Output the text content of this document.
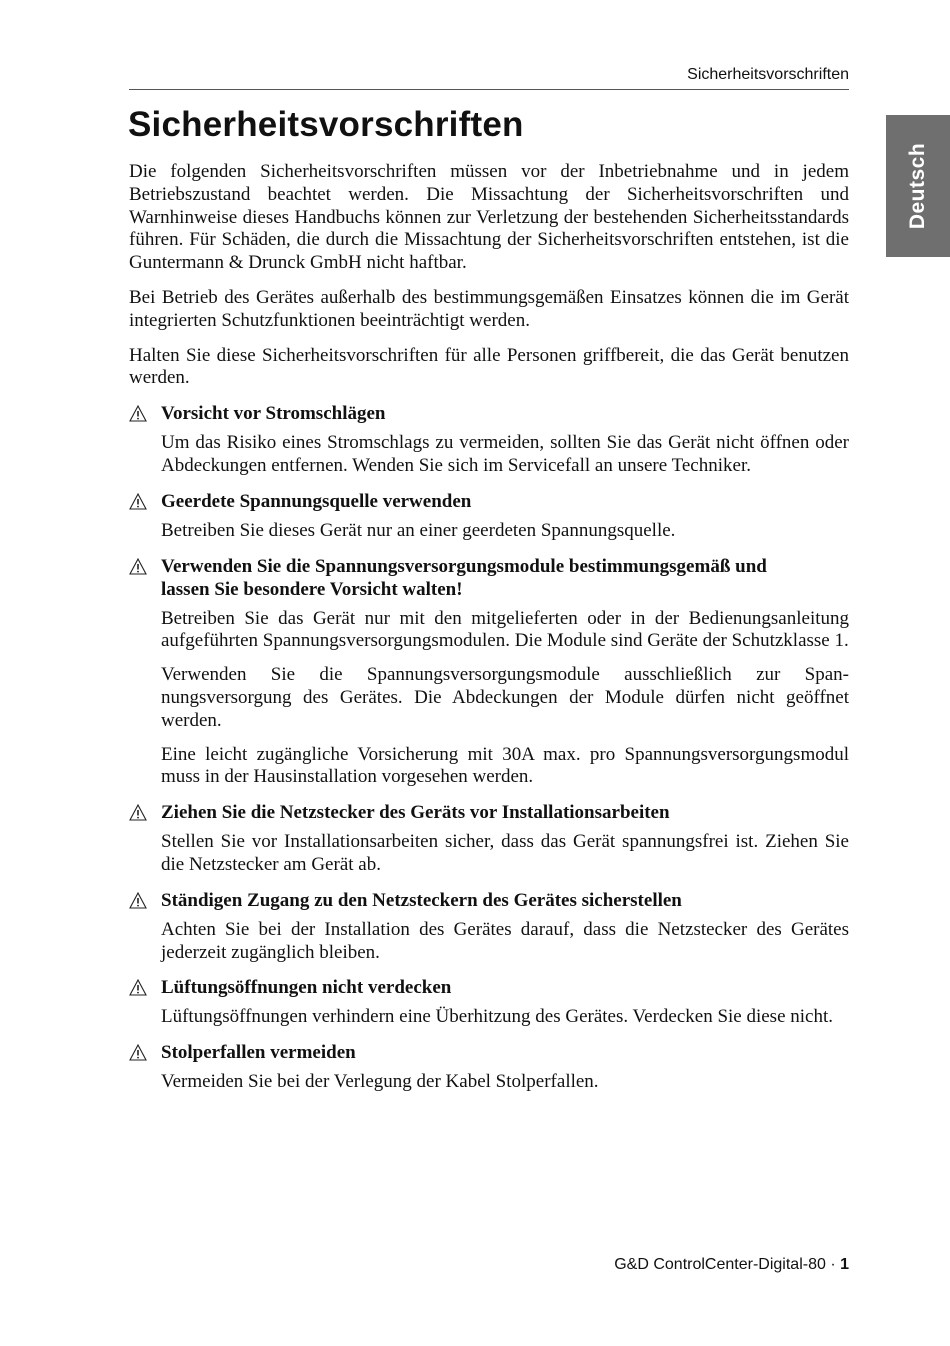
Sicherheitsvorschriften
Deutsch
Sicherheitsvorschriften

Die folgenden Sicherheitsvorschriften müssen vor der Inbetriebnahme und in jedem Betriebszustand beachtet werden. Die Missachtung der Sicherheitsvorschriften und Warnhinweise dieses Handbuchs können zur Verletzung der bestehenden Sicherheitsstandards führen. Für Schäden, die durch die Missachtung der Sicherheitsvorschriften entstehen, ist die Guntermann & Drunck GmbH nicht haftbar.

Bei Betrieb des Gerätes außerhalb des bestimmungsgemäßen Einsatzes können die im Gerät integrierten Schutzfunktionen beeinträchtigt werden.

Halten Sie diese Sicherheitsvorschriften für alle Personen griffbereit, die das Gerät benutzen werden.

Vorsicht vor Stromschlägen

Um das Risiko eines Stromschlags zu vermeiden, sollten Sie das Gerät nicht öffnen oder Abdeckungen entfernen. Wenden Sie sich im Servicefall an unsere Techniker.

Geerdete Spannungsquelle verwenden

Betreiben Sie dieses Gerät nur an einer geerdeten Spannungsquelle.

Verwenden Sie die Spannungsversorgungsmodule bestimmungsgemäß und lassen Sie besondere Vorsicht walten!

Betreiben Sie das Gerät nur mit den mitgelieferten oder in der Bedienungsanleitung aufgeführten Spannungsversorgungsmodulen. Die Module sind Geräte der Schutzklasse 1.

Verwenden Sie die Spannungsversorgungsmodule ausschließlich zur Spannungsversorgung des Gerätes. Die Abdeckungen der Module dürfen nicht geöffnet werden.

Eine leicht zugängliche Vorsicherung mit 30A max. pro Spannungsversorgungsmodul muss in der Hausinstallation vorgesehen werden.

Ziehen Sie die Netzstecker des Geräts vor Installationsarbeiten

Stellen Sie vor Installationsarbeiten sicher, dass das Gerät spannungsfrei ist. Ziehen Sie die Netzstecker am Gerät ab.

Ständigen Zugang zu den Netzsteckern des Gerätes sicherstellen

Achten Sie bei der Installation des Gerätes darauf, dass die Netzstecker des Gerätes jederzeit zugänglich bleiben.

Lüftungsöffnungen nicht verdecken

Lüftungsöffnungen verhindern eine Überhitzung des Gerätes. Verdecken Sie diese nicht.

Stolperfallen vermeiden

Vermeiden Sie bei der Verlegung der Kabel Stolperfallen.

G&D ControlCenter-Digital-80 · 1
